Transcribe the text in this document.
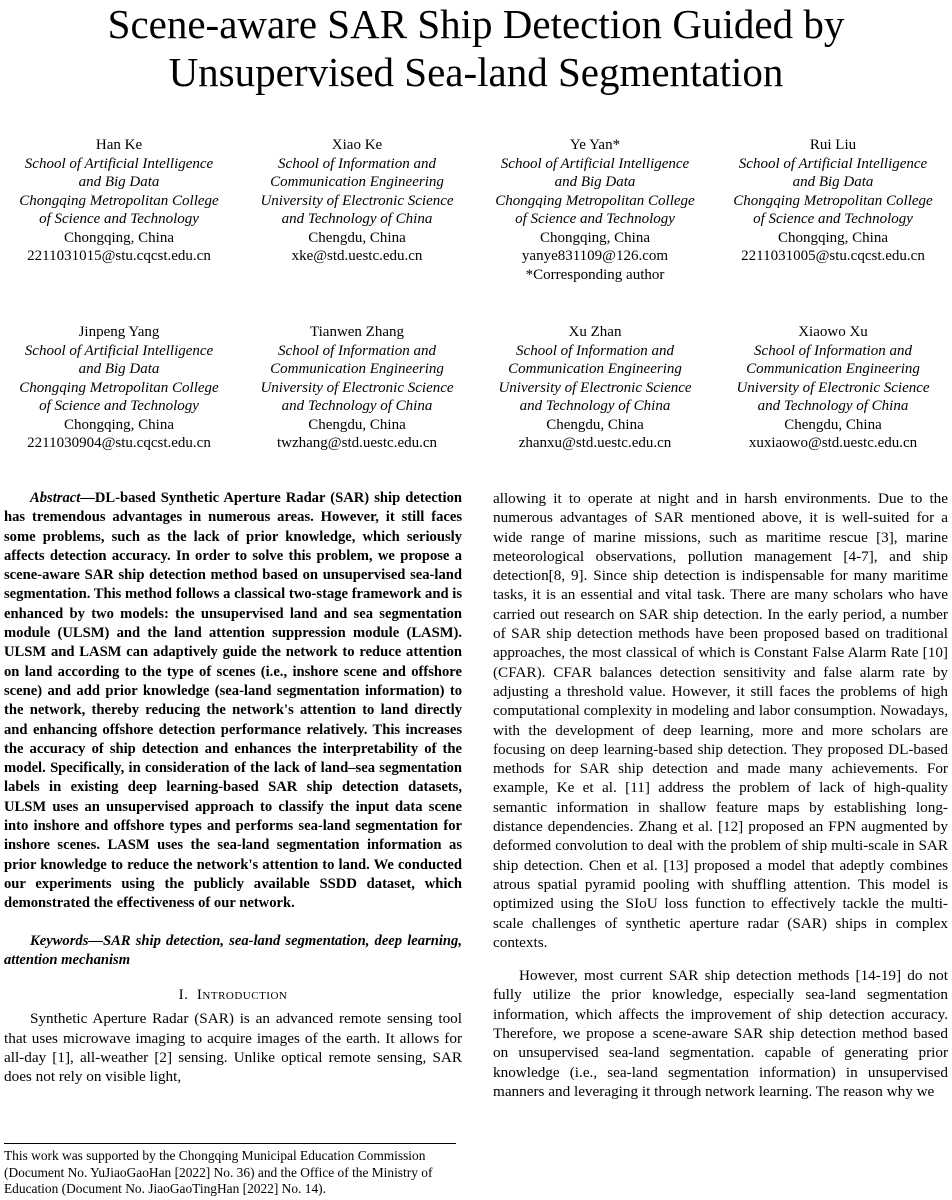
Scene-aware SAR Ship Detection Guided by
Unsupervised Sea-land Segmentation
Han Ke
School of Artificial Intelligence
and Big Data
Chongqing Metropolitan College
of Science and Technology
Chongqing, China
2211031015@stu.cqcst.edu.cn
Xiao Ke
School of Information and
Communication Engineering
University of Electronic Science
and Technology of China
Chengdu, China
xke@std.uestc.edu.cn
Ye Yan*
School of Artificial Intelligence
and Big Data
Chongqing Metropolitan College
of Science and Technology
Chongqing, China
yanye831109@126.com
*Corresponding author
Rui Liu
School of Artificial Intelligence
and Big Data
Chongqing Metropolitan College
of Science and Technology
Chongqing, China
2211031005@stu.cqcst.edu.cn
Jinpeng Yang
School of Artificial Intelligence
and Big Data
Chongqing Metropolitan College
of Science and Technology
Chongqing, China
2211030904@stu.cqcst.edu.cn
Tianwen Zhang
School of Information and
Communication Engineering
University of Electronic Science
and Technology of China
Chengdu, China
twzhang@std.uestc.edu.cn
Xu Zhan
School of Information and
Communication Engineering
University of Electronic Science
and Technology of China
Chengdu, China
zhanxu@std.uestc.edu.cn
Xiaowo Xu
School of Information and
Communication Engineering
University of Electronic Science
and Technology of China
Chengdu, China
xuxiaowo@std.uestc.edu.cn

Abstract—DL-based Synthetic Aperture Radar (SAR) ship detection has tremendous advantages in numerous areas. However, it still faces some problems, such as the lack of prior knowledge, which seriously affects detection accuracy. In order to solve this problem, we propose a scene-aware SAR ship detection method based on unsupervised sea-land segmentation. This method follows a classical two-stage framework and is enhanced by two models: the unsupervised land and sea segmentation module (ULSM) and the land attention suppression module (LASM). ULSM and LASM can adaptively guide the network to reduce attention on land according to the type of scenes (i.e., inshore scene and offshore scene) and add prior knowledge (sea-land segmentation information) to the network, thereby reducing the network's attention to land directly and enhancing offshore detection performance relatively. This increases the accuracy of ship detection and enhances the interpretability of the model. Specifically, in consideration of the lack of land–sea segmentation labels in existing deep learning-based SAR ship detection datasets, ULSM uses an unsupervised approach to classify the input data scene into inshore and offshore types and performs sea-land segmentation for inshore scenes. LASM uses the sea-land segmentation information as prior knowledge to reduce the network's attention to land. We conducted our experiments using the publicly available SSDD dataset, which demonstrated the effectiveness of our network.

Keywords—SAR ship detection, sea-land segmentation, deep learning, attention mechanism

I. Introduction

Synthetic Aperture Radar (SAR) is an advanced remote sensing tool that uses microwave imaging to acquire images of the earth. It allows for all-day [1], all-weather [2] sensing. Unlike optical remote sensing, SAR does not rely on visible light,

This work was supported by the Chongqing Municipal Education Commission (Document No. YuJiaoGaoHan [2022] No. 36) and the Office of the Ministry of Education (Document No. JiaoGaoTingHan [2022] No. 14).

allowing it to operate at night and in harsh environments. Due to the numerous advantages of SAR mentioned above, it is well-suited for a wide range of marine missions, such as maritime rescue [3], marine meteorological observations, pollution management [4-7], and ship detection[8, 9]. Since ship detection is indispensable for many maritime tasks, it is an essential and vital task. There are many scholars who have carried out research on SAR ship detection. In the early period, a number of SAR ship detection methods have been proposed based on traditional approaches, the most classical of which is Constant False Alarm Rate [10] (CFAR). CFAR balances detection sensitivity and false alarm rate by adjusting a threshold value. However, it still faces the problems of high computational complexity in modeling and labor consumption. Nowadays, with the development of deep learning, more and more scholars are focusing on deep learning-based ship detection. They proposed DL-based methods for SAR ship detection and made many achievements. For example, Ke et al. [11] address the problem of lack of high-quality semantic information in shallow feature maps by establishing long-distance dependencies. Zhang et al. [12] proposed an FPN augmented by deformed convolution to deal with the problem of ship multi-scale in SAR ship detection. Chen et al. [13] proposed a model that adeptly combines atrous spatial pyramid pooling with shuffling attention. This model is optimized using the SIoU loss function to effectively tackle the multi-scale challenges of synthetic aperture radar (SAR) ships in complex contexts.

However, most current SAR ship detection methods [14-19] do not fully utilize the prior knowledge, especially sea-land segmentation information, which affects the improvement of ship detection accuracy. Therefore, we propose a scene-aware SAR ship detection method based on unsupervised sea-land segmentation. capable of generating prior knowledge (i.e., sea-land segmentation information) in unsupervised manners and leveraging it through network learning. The reason why we
